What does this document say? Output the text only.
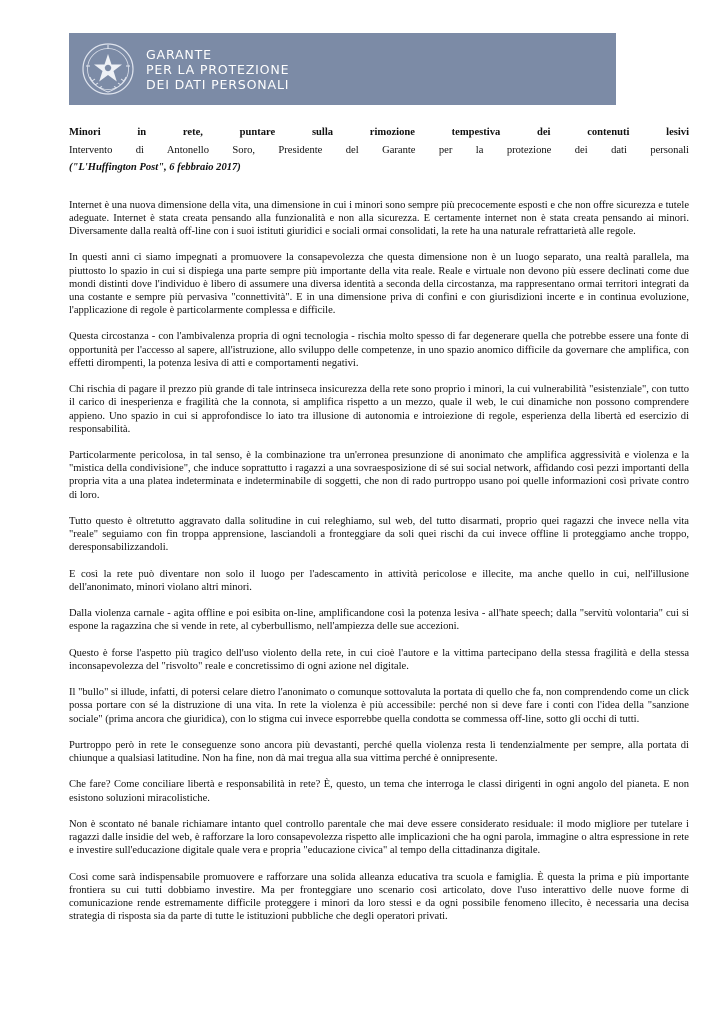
GARANTE
PER LA PROTEZIONE
DEI DATI PERSONALI
Minori in rete, puntare sulla rimozione tempestiva dei contenuti lesivi
Intervento di Antonello Soro, Presidente del Garante per la protezione dei dati personali
("L'Huffington Post", 6 febbraio 2017)

Internet è una nuova dimensione della vita, una dimensione in cui i minori sono sempre più precocemente esposti e che non offre sicurezza e tutele adeguate. Internet è stata creata pensando alla funzionalità e non alla sicurezza. E certamente internet non è stata creata pensando ai minori. Diversamente dalla realtà off-line con i suoi istituti giuridici e sociali ormai consolidati, la rete ha una naturale refrattarietà alle regole.

In questi anni ci siamo impegnati a promuovere la consapevolezza che questa dimensione non è un luogo separato, una realtà parallela, ma piuttosto lo spazio in cui si dispiega una parte sempre più importante della vita reale. Reale e virtuale non devono più essere declinati come due mondi distinti dove l'individuo è libero di assumere una diversa identità a seconda della circostanza, ma rappresentano ormai territori integrati da una costante e sempre più pervasiva "connettività". E in una dimensione priva di confini e con giurisdizioni incerte e in continua evoluzione, l'applicazione di regole è particolarmente complessa e difficile.

Questa circostanza - con l'ambivalenza propria di ogni tecnologia - rischia molto spesso di far degenerare quella che potrebbe essere una fonte di opportunità per l'accesso al sapere, all'istruzione, allo sviluppo delle competenze, in uno spazio anomico difficile da governare che amplifica, con effetti dirompenti, la potenza lesiva di atti e comportamenti negativi.

Chi rischia di pagare il prezzo più grande di tale intrinseca insicurezza della rete sono proprio i minori, la cui vulnerabilità "esistenziale", con tutto il carico di inesperienza e fragilità che la connota, si amplifica rispetto a un mezzo, quale il web, le cui dinamiche non possono comprendere appieno. Uno spazio in cui si approfondisce lo iato tra illusione di autonomia e introiezione di regole, esperienza della libertà ed esercizio di responsabilità.

Particolarmente pericolosa, in tal senso, è la combinazione tra un'erronea presunzione di anonimato che amplifica aggressività e violenza e la "mistica della condivisione", che induce soprattutto i ragazzi a una sovraesposizione di sé sui social network, affidando così pezzi importanti della propria vita a una platea indeterminata e indeterminabile di soggetti, che non di rado purtroppo usano poi quelle informazioni così private contro di loro.

Tutto questo è oltretutto aggravato dalla solitudine in cui releghiamo, sul web, del tutto disarmati, proprio quei ragazzi che invece nella vita "reale" seguiamo con fin troppa apprensione, lasciandoli a fronteggiare da soli quei rischi da cui invece offline li proteggiamo anche troppo, deresponsabilizzandoli.

E così la rete può diventare non solo il luogo per l'adescamento in attività pericolose e illecite, ma anche quello in cui, nell'illusione dell'anonimato, minori violano altri minori.

Dalla violenza carnale - agìta offline e poi esibita on-line, amplificandone così la potenza lesiva - all'hate speech; dalla "servitù volontaria" cui si espone la ragazzina che si vende in rete, al cyberbullismo, nell'ampiezza delle sue accezioni.

Questo è forse l'aspetto più tragico dell'uso violento della rete, in cui cioè l'autore e la vittima partecipano della stessa fragilità e della stessa inconsapevolezza del "risvolto" reale e concretissimo di ogni azione nel digitale.

Il "bullo" si illude, infatti, di potersi celare dietro l'anonimato o comunque sottovaluta la portata di quello che fa, non comprendendo come un click possa portare con sé la distruzione di una vita. In rete la violenza è più accessibile: perché non si deve fare i conti con l'idea della "sanzione sociale" (prima ancora che giuridica), con lo stigma cui invece esporrebbe quella condotta se commessa off-line, sotto gli occhi di tutti.

Purtroppo però in rete le conseguenze sono ancora più devastanti, perché quella violenza resta lì tendenzialmente per sempre, alla portata di chiunque a qualsiasi latitudine. Non ha fine, non dà mai tregua alla sua vittima perché è onnipresente.

Che fare? Come conciliare libertà e responsabilità in rete? È, questo, un tema che interroga le classi dirigenti in ogni angolo del pianeta. E non esistono soluzioni miracolistiche.

Non è scontato né banale richiamare intanto quel controllo parentale che mai deve essere considerato residuale: il modo migliore per tutelare i ragazzi dalle insidie del web, è rafforzare la loro consapevolezza rispetto alle implicazioni che ha ogni parola, immagine o altra espressione in rete e investire sull'educazione digitale quale vera e propria "educazione civica" al tempo della cittadinanza digitale.

Così come sarà indispensabile promuovere e rafforzare una solida alleanza educativa tra scuola e famiglia. È questa la prima e più importante frontiera su cui tutti dobbiamo investire. Ma per fronteggiare uno scenario così articolato, dove l'uso interattivo delle nuove forme di comunicazione rende estremamente difficile proteggere i minori da loro stessi e da ogni possibile fenomeno illecito, è necessaria una decisa strategia di risposta sia da parte di tutte le istituzioni pubbliche che degli operatori privati.
